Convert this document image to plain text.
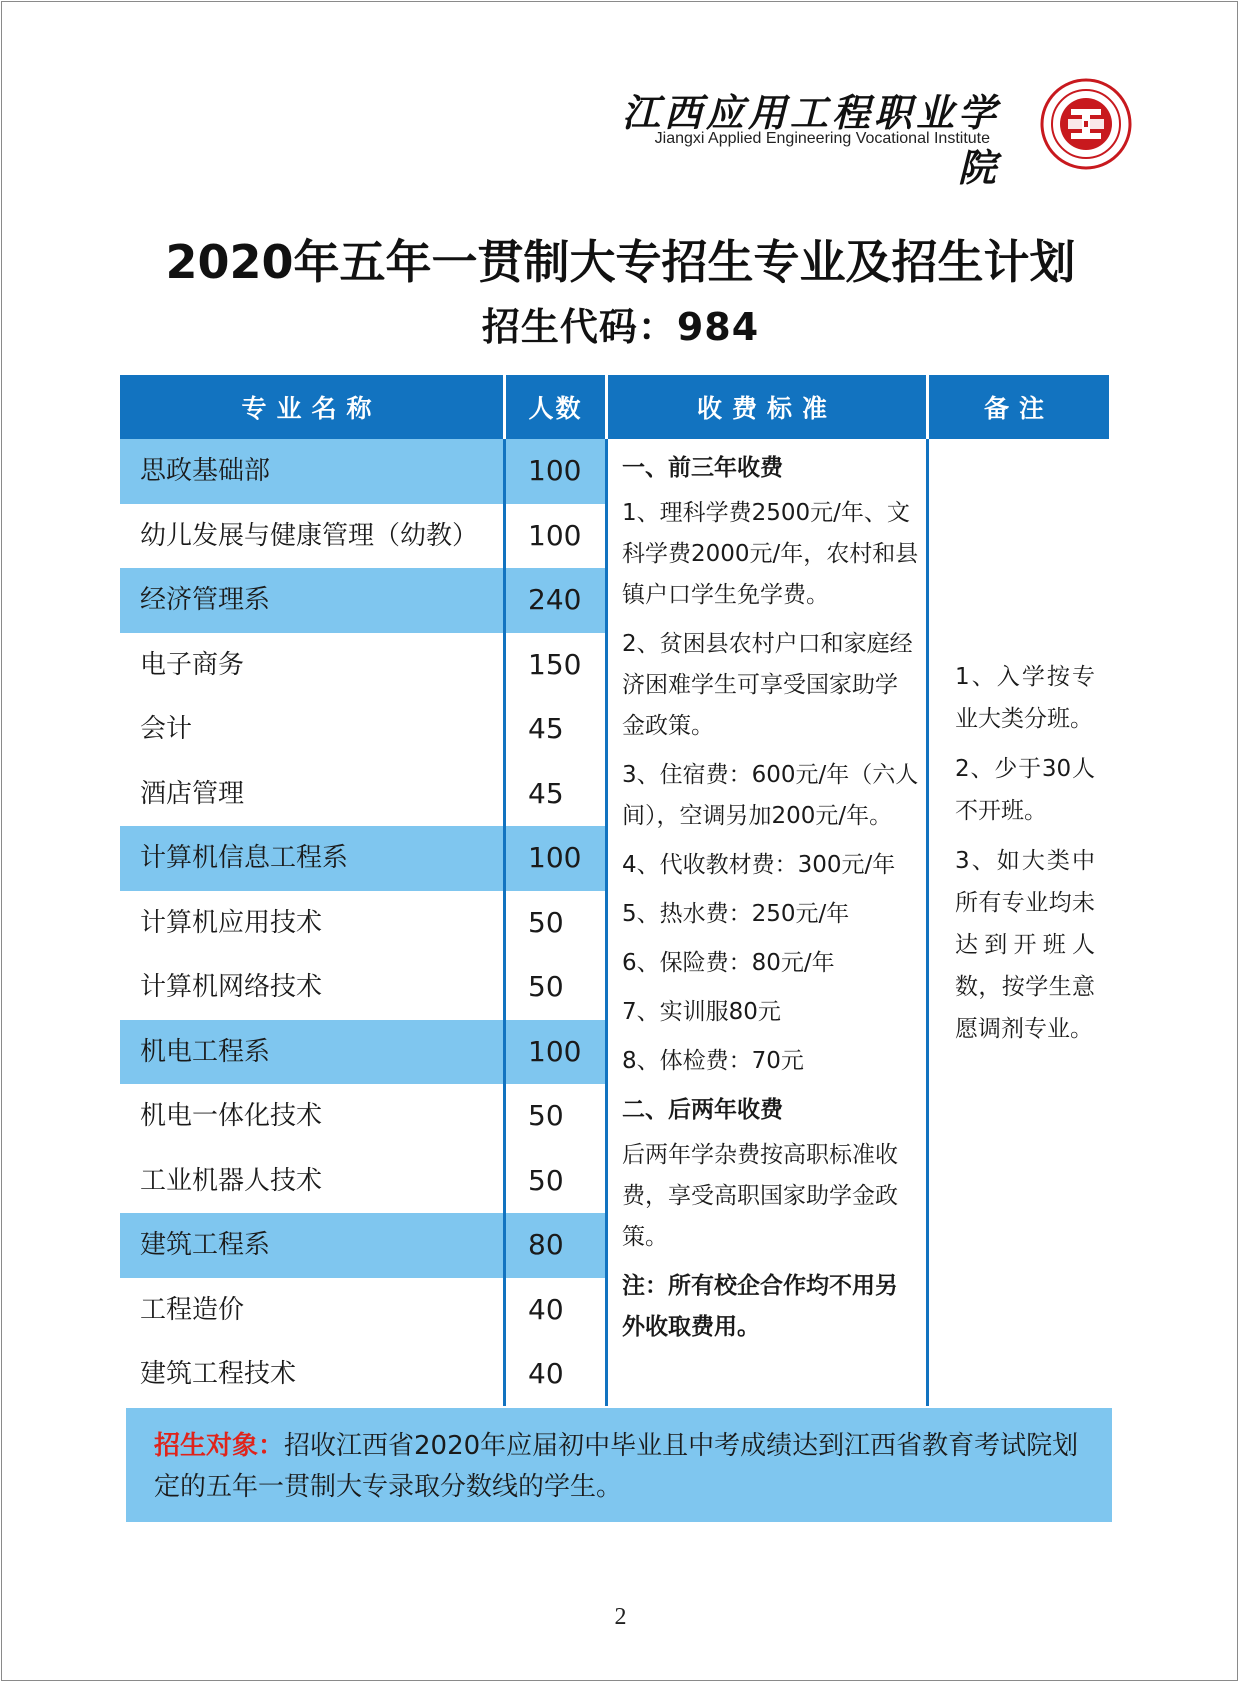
江西应用工程职业学院
Jiangxi Applied Engineering Vocational Institute
2020年五年一贯制大专招生专业及招生计划
招生代码：984
专业名称	人数	收费标准	备注
思政基础部	100
幼儿发展与健康管理（幼教） 100
经济管理系	240
电子商务	150
会计	45
酒店管理	45
计算机信息工程系	100
计算机应用技术	50
计算机网络技术	50
机电工程系	100
机电一体化技术	50
工业机器人技术	50
建筑工程系	80
工程造价	40
建筑工程技术	40

一、前三年收费

1、理科学费2500元/年、文科学费2000元/年，农村和县镇户口学生免学费。

2、贫困县农村户口和家庭经济困难学生可享受国家助学金政策。

3、住宿费：600元/年（六人间），空调另加200元/年。

4、代收教材费：300元/年

5、热水费：250元/年

6、保险费：80元/年

7、实训服80元

8、体检费：70元

二、后两年收费

后两年学杂费按高职标准收费，享受高职国家助学金政策。

注：所有校企合作均不用另外收取费用。

1、入学按专业大类分班。

2、少于30人不开班。

3、如大类中所有专业均未达到开班人数，按学生意愿调剂专业。

招生对象：招收江西省2020年应届初中毕业且中考成绩达到江西省教育考试院划定的五年一贯制大专录取分数线的学生。
2
